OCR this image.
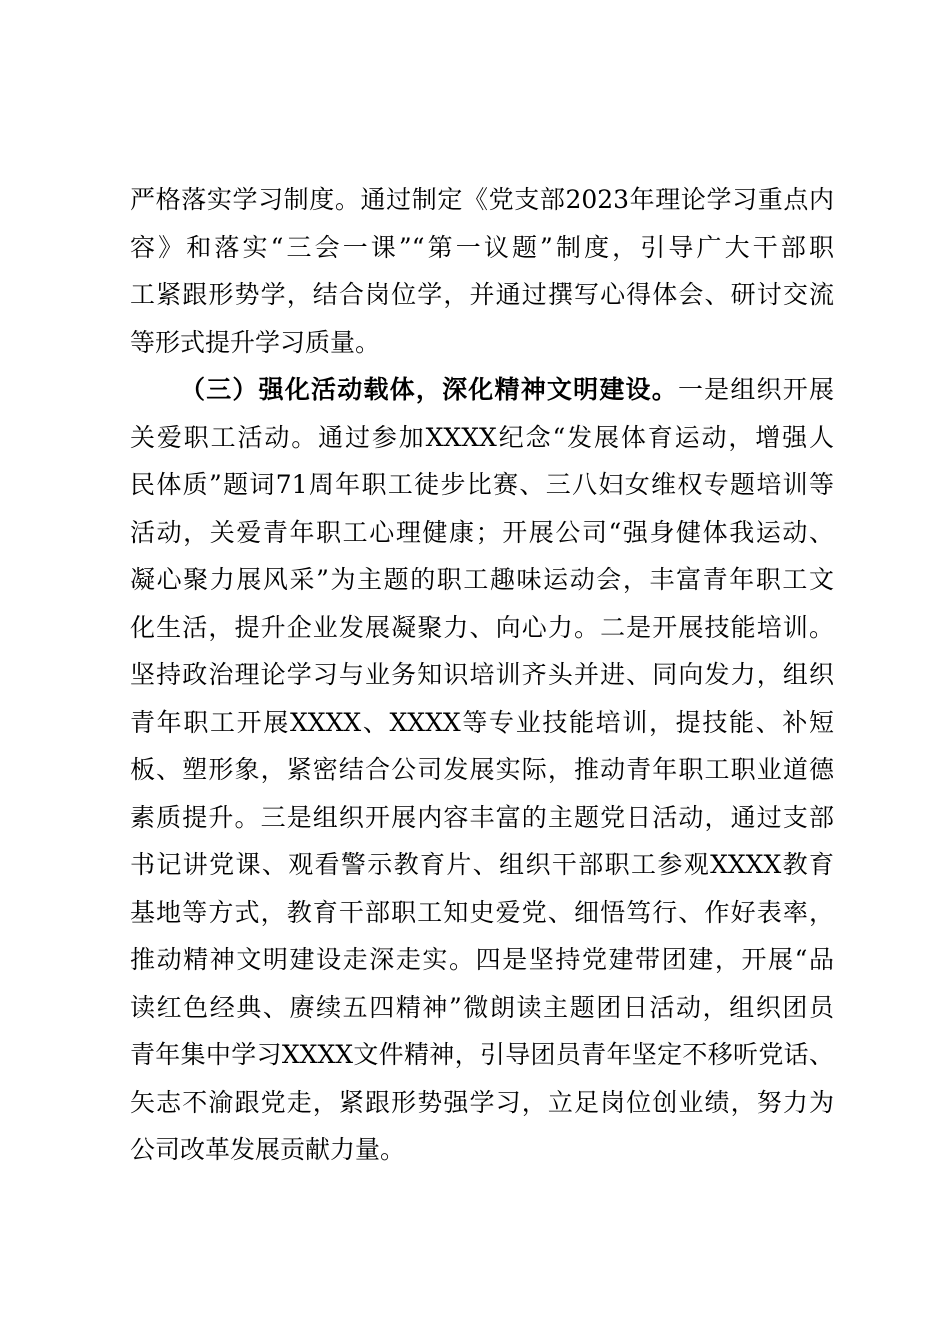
严格落实学习制度。通过制定《党支部2023年理论学习重点内
容》和落实“三会一课”“第一议题”制度，引导广大干部职
工紧跟形势学，结合岗位学，并通过撰写心得体会、研讨交流
等形式提升学习质量。
（三）强化活动载体，深化精神文明建设。一是组织开展
关爱职工活动。通过参加XXXX纪念“发展体育运动，增强人
民体质”题词71周年职工徒步比赛、三八妇女维权专题培训等
活动，关爱青年职工心理健康；开展公司“强身健体我运动、
凝心聚力展风采”为主题的职工趣味运动会，丰富青年职工文
化生活，提升企业发展凝聚力、向心力。二是开展技能培训。
坚持政治理论学习与业务知识培训齐头并进、同向发力，组织
青年职工开展XXXX、XXXX等专业技能培训，提技能、补短
板、塑形象，紧密结合公司发展实际，推动青年职工职业道德
素质提升。三是组织开展内容丰富的主题党日活动，通过支部
书记讲党课、观看警示教育片、组织干部职工参观XXXX教育
基地等方式，教育干部职工知史爱党、细悟笃行、作好表率，
推动精神文明建设走深走实。四是坚持党建带团建，开展“品
读红色经典、赓续五四精神”微朗读主题团日活动，组织团员
青年集中学习XXXX文件精神，引导团员青年坚定不移听党话、
矢志不渝跟党走，紧跟形势强学习，立足岗位创业绩，努力为
公司改革发展贡献力量。
